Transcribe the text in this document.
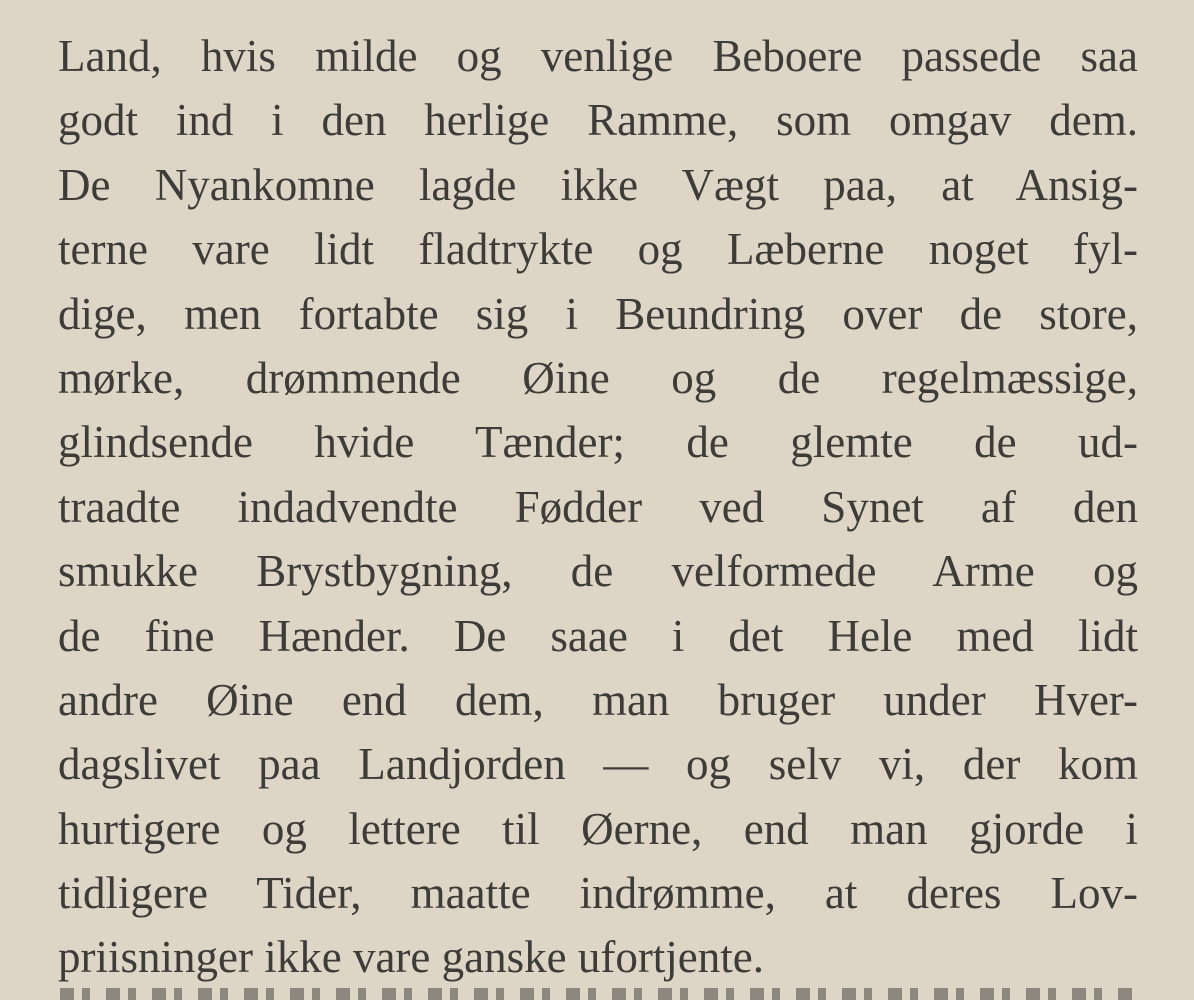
Land, hvis milde og venlige Beboere passede saa
godt ind i den herlige Ramme, som omgav dem.
De Nyankomne lagde ikke Vægt paa, at Ansig-
terne vare lidt fladtrykte og Læberne noget fyl-
dige, men fortabte sig i Beundring over de store,
mørke, drømmende Øine og de regelmæssige,
glindsende hvide Tænder; de glemte de ud-
traadte indadvendte Fødder ved Synet af den
smukke Brystbygning, de velformede Arme og
de fine Hænder. De saae i det Hele med lidt
andre Øine end dem, man bruger under Hver-
dagslivet paa Landjorden — og selv vi, der kom
hurtigere og lettere til Øerne, end man gjorde i
tidligere Tider, maatte indrømme, at deres Lov-
priisninger ikke vare ganske ufortjente.
